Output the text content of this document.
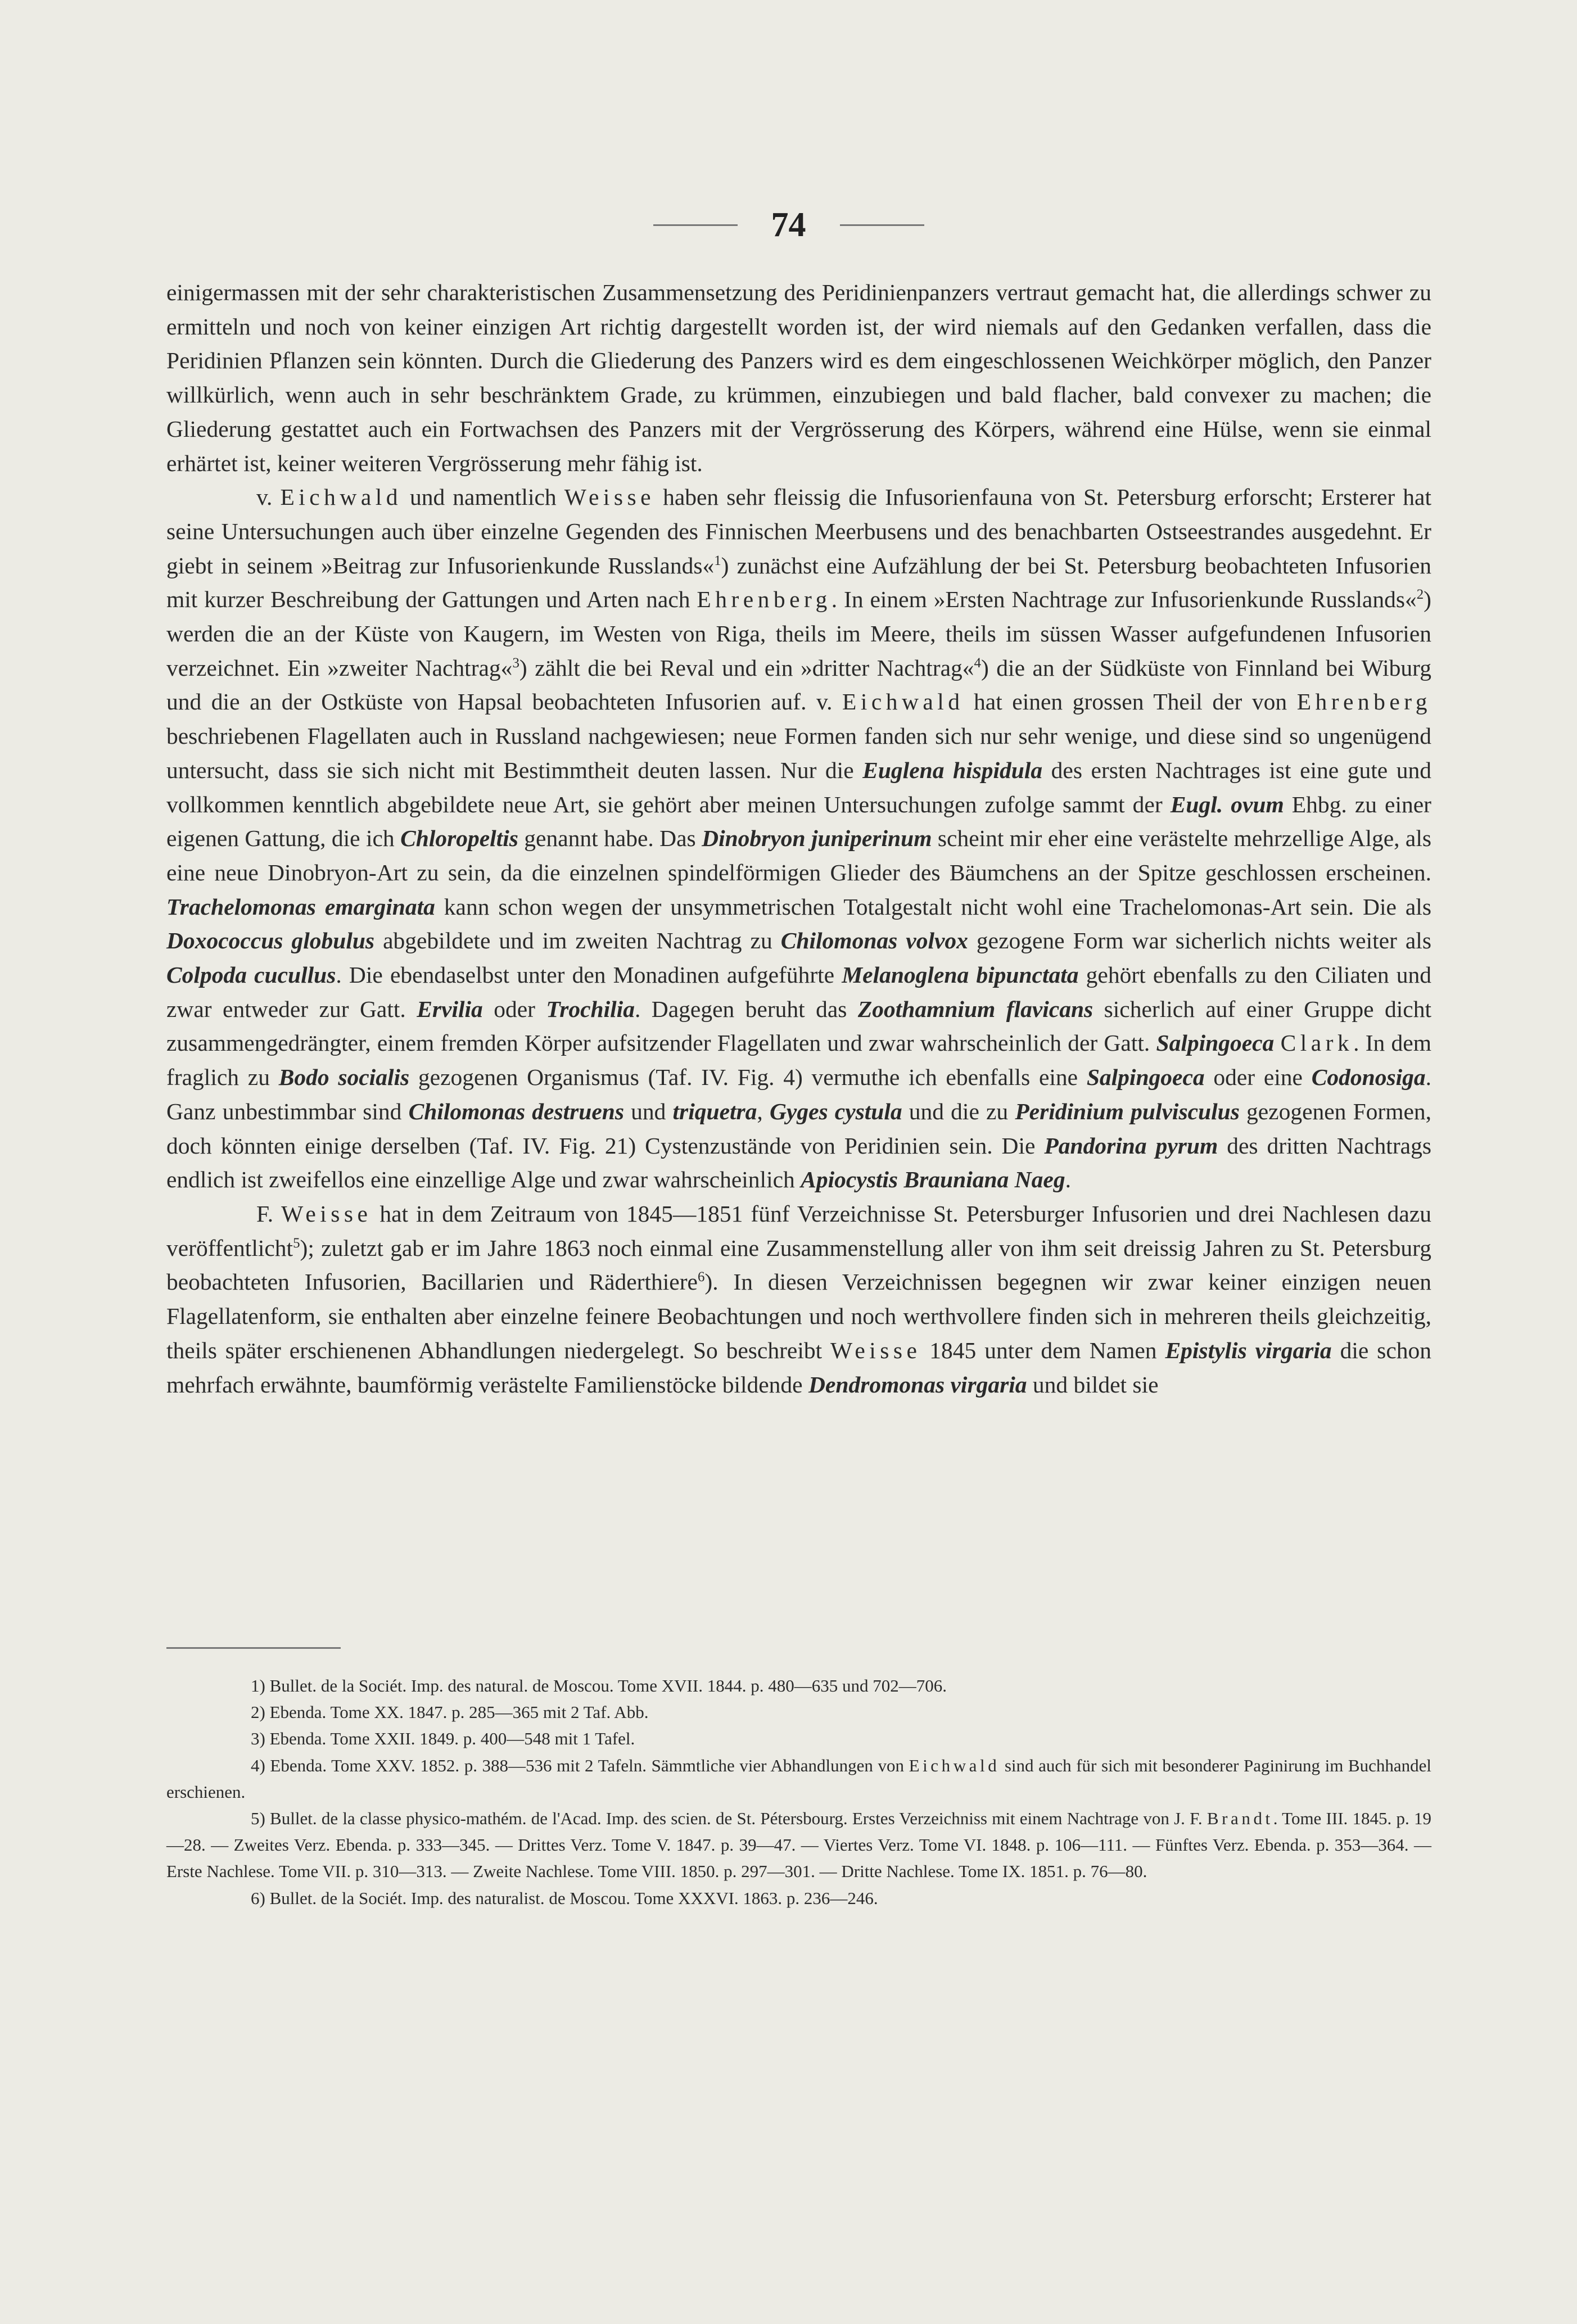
74

einigermassen mit der sehr charakteristischen Zusammensetzung des Peridinienpanzers vertraut gemacht hat, die allerdings schwer zu ermitteln und noch von keiner einzigen Art richtig dargestellt worden ist, der wird niemals auf den Gedanken verfallen, dass die Peridinien Pflanzen sein könnten. Durch die Gliederung des Panzers wird es dem eingeschlossenen Weichkörper möglich, den Panzer willkürlich, wenn auch in sehr beschränktem Grade, zu krümmen, einzubiegen und bald flacher, bald convexer zu machen; die Gliederung gestattet auch ein Fortwachsen des Panzers mit der Vergrösserung des Körpers, während eine Hülse, wenn sie einmal erhärtet ist, keiner weiteren Vergrösserung mehr fähig ist.

v. Eichwald und namentlich Weisse haben sehr fleissig die Infusorienfauna von St. Petersburg erforscht; Ersterer hat seine Untersuchungen auch über einzelne Gegenden des Finnischen Meerbusens und des benachbarten Ostseestrandes ausgedehnt. Er giebt in seinem »Beitrag zur Infusorienkunde Russlands«$^1$) zunächst eine Aufzählung der bei St. Petersburg beobachteten Infusorien mit kurzer Beschreibung der Gattungen und Arten nach Ehrenberg. In einem »Ersten Nachtrage zur Infusorienkunde Russlands«$^2$) werden die an der Küste von Kaugern, im Westen von Riga, theils im Meere, theils im süssen Wasser aufgefundenen Infusorien verzeichnet. Ein »zweiter Nachtrag«$^3$) zählt die bei Reval und ein »dritter Nachtrag«$^4$) die an der Südküste von Finnland bei Wiburg und die an der Ostküste von Hapsal beobachteten Infusorien auf. v. Eichwald hat einen grossen Theil der von Ehrenberg beschriebenen Flagellaten auch in Russland nachgewiesen; neue Formen fanden sich nur sehr wenige, und diese sind so ungenügend untersucht, dass sie sich nicht mit Bestimmtheit deuten lassen. Nur die Euglena hispidula des ersten Nachtrages ist eine gute und vollkommen kenntlich abgebildete neue Art, sie gehört aber meinen Untersuchungen zufolge sammt der Eugl. ovum Ehbg. zu einer eigenen Gattung, die ich Chloropeltis genannt habe. Das Dinobryon juniperinum scheint mir eher eine verästelte mehrzellige Alge, als eine neue Dinobryon-Art zu sein, da die einzelnen spindelförmigen Glieder des Bäumchens an der Spitze geschlossen erscheinen. Trachelomonas emarginata kann schon wegen der unsymmetrischen Totalgestalt nicht wohl eine Trachelomonas-Art sein. Die als Doxococcus globulus abgebildete und im zweiten Nachtrag zu Chilomonas volvox gezogene Form war sicherlich nichts weiter als Colpoda cucullus. Die ebendaselbst unter den Monadinen aufgeführte Melanoglena bipunctata gehört ebenfalls zu den Ciliaten und zwar entweder zur Gatt. Ervilia oder Trochilia. Dagegen beruht das Zoothamnium flavicans sicherlich auf einer Gruppe dicht zusammengedrängter, einem fremden Körper aufsitzender Flagellaten und zwar wahrscheinlich der Gatt. Salpingoeca Clark. In dem fraglich zu Bodo socialis gezogenen Organismus (Taf. IV. Fig. 4) vermuthe ich ebenfalls eine Salpingoeca oder eine Codonosiga. Ganz unbestimmbar sind Chilomonas destruens und triquetra, Gyges cystula und die zu Peridinium pulvisculus gezogenen Formen, doch könnten einige derselben (Taf. IV. Fig. 21) Cystenzustände von Peridinien sein. Die Pandorina pyrum des dritten Nachtrags endlich ist zweifellos eine einzellige Alge und zwar wahrscheinlich Apiocystis Brauniana Naeg.

F. Weisse hat in dem Zeitraum von 1845—1851 fünf Verzeichnisse St. Petersburger Infusorien und drei Nachlesen dazu veröffentlicht$^5$); zuletzt gab er im Jahre 1863 noch einmal eine Zusammenstellung aller von ihm seit dreissig Jahren zu St. Petersburg beobachteten Infusorien, Bacillarien und Räderthiere$^6$). In diesen Verzeichnissen begegnen wir zwar keiner einzigen neuen Flagellatenform, sie enthalten aber einzelne feinere Beobachtungen und noch werthvollere finden sich in mehreren theils gleichzeitig, theils später erschienenen Abhandlungen niedergelegt. So beschreibt Weisse 1845 unter dem Namen Epistylis virgaria die schon mehrfach erwähnte, baumförmig verästelte Familienstöcke bildende Dendromonas virgaria und bildet sie

1) Bullet. de la Sociét. Imp. des natural. de Moscou. Tome XVII. 1844. p. 480—635 und 702—706.
2) Ebenda. Tome XX. 1847. p. 285—365 mit 2 Taf. Abb.
3) Ebenda. Tome XXII. 1849. p. 400—548 mit 1 Tafel.
4) Ebenda. Tome XXV. 1852. p. 388—536 mit 2 Tafeln. Sämmtliche vier Abhandlungen von Eichwald sind auch für sich mit besonderer Paginirung im Buchhandel erschienen.
5) Bullet. de la classe physico-mathém. de l'Acad. Imp. des scien. de St. Pétersbourg. Erstes Verzeichniss mit einem Nachtrage von J. F. Brandt. Tome III. 1845. p. 19—28. — Zweites Verz. Ebenda. p. 333—345. — Drittes Verz. Tome V. 1847. p. 39—47. — Viertes Verz. Tome VI. 1848. p. 106—111. — Fünftes Verz. Ebenda. p. 353—364. — Erste Nachlese. Tome VII. p. 310—313. — Zweite Nachlese. Tome VIII. 1850. p. 297—301. — Dritte Nachlese. Tome IX. 1851. p. 76—80.
6) Bullet. de la Sociét. Imp. des naturalist. de Moscou. Tome XXXVI. 1863. p. 236—246.
